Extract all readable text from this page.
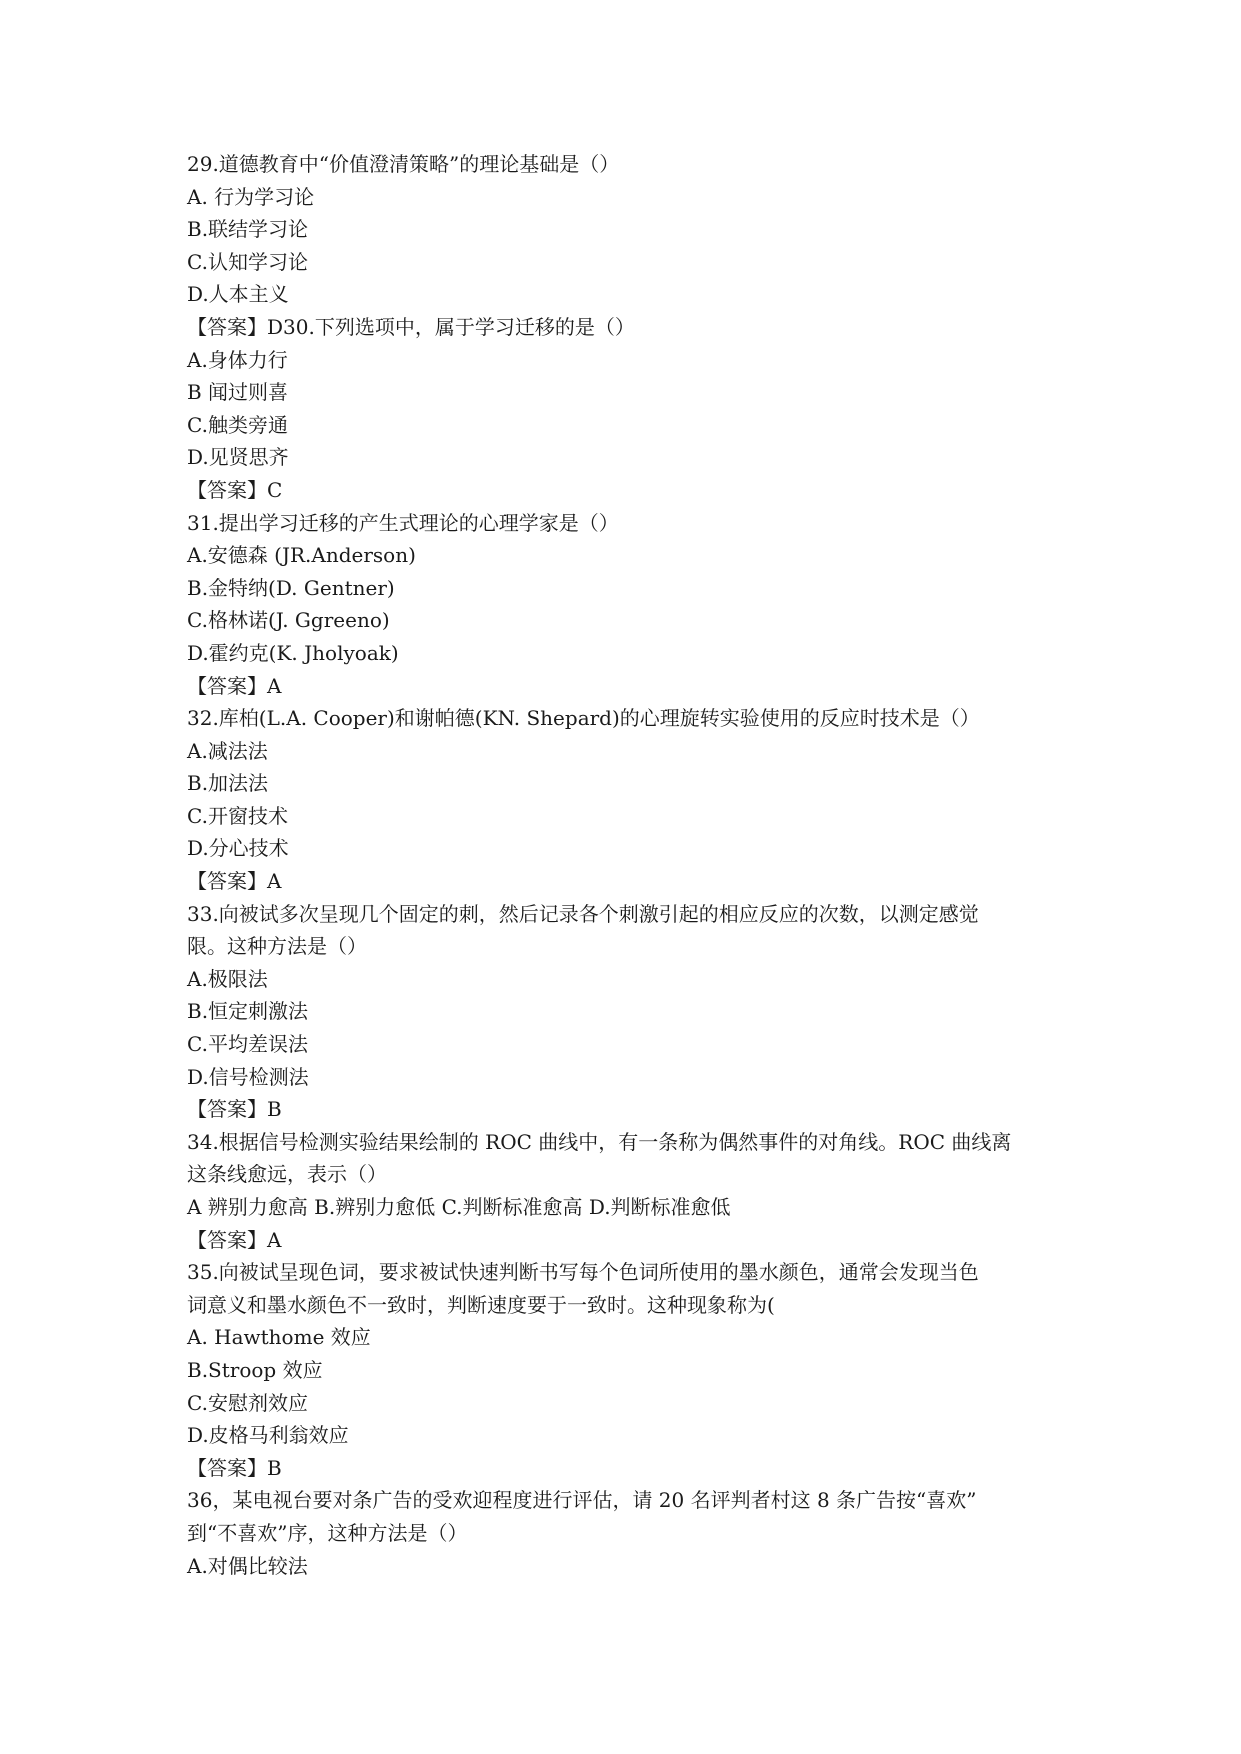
29.道德教育中“价值澄清策略”的理论基础是（）
A. 行为学习论
B.联结学习论
C.认知学习论
D.人本主义
【答案】D30.下列选项中，属于学习迁移的是（）
A.身体力行
B 闻过则喜
C.触类旁通
D.见贤思齐
【答案】C
31.提出学习迁移的产生式理论的心理学家是（）
A.安德森 (JR.Anderson)
B.金特纳(D. Gentner)
C.格林诺(J. Ggreeno)
D.霍约克(K. Jholyoak)
【答案】A
32.库柏(L.A. Cooper)和谢帕德(KN. Shepard)的心理旋转实验使用的反应时技术是（）
A.减法法
B.加法法
C.开窗技术
D.分心技术
【答案】A
33.向被试多次呈现几个固定的刺，然后记录各个刺激引起的相应反应的次数，以测定感觉
限。这种方法是（）
A.极限法
B.恒定刺激法
C.平均差误法
D.信号检测法
【答案】B
34.根据信号检测实验结果绘制的 ROC 曲线中，有一条称为偶然事件的对角线。ROC 曲线离
这条线愈远，表示（）
A 辨别力愈高 B.辨别力愈低 C.判断标准愈高 D.判断标准愈低
【答案】A
35.向被试呈现色词，要求被试快速判断书写每个色词所使用的墨水颜色，通常会发现当色
词意义和墨水颜色不一致时，判断速度要于一致时。这种现象称为(
A. Hawthome 效应
B.Stroop 效应
C.安慰剂效应
D.皮格马利翁效应
【答案】B
36，某电视台要对条广告的受欢迎程度进行评估，请 20 名评判者村这 8 条广告按“喜欢”
到“不喜欢”序，这种方法是（）
A.对偶比较法
